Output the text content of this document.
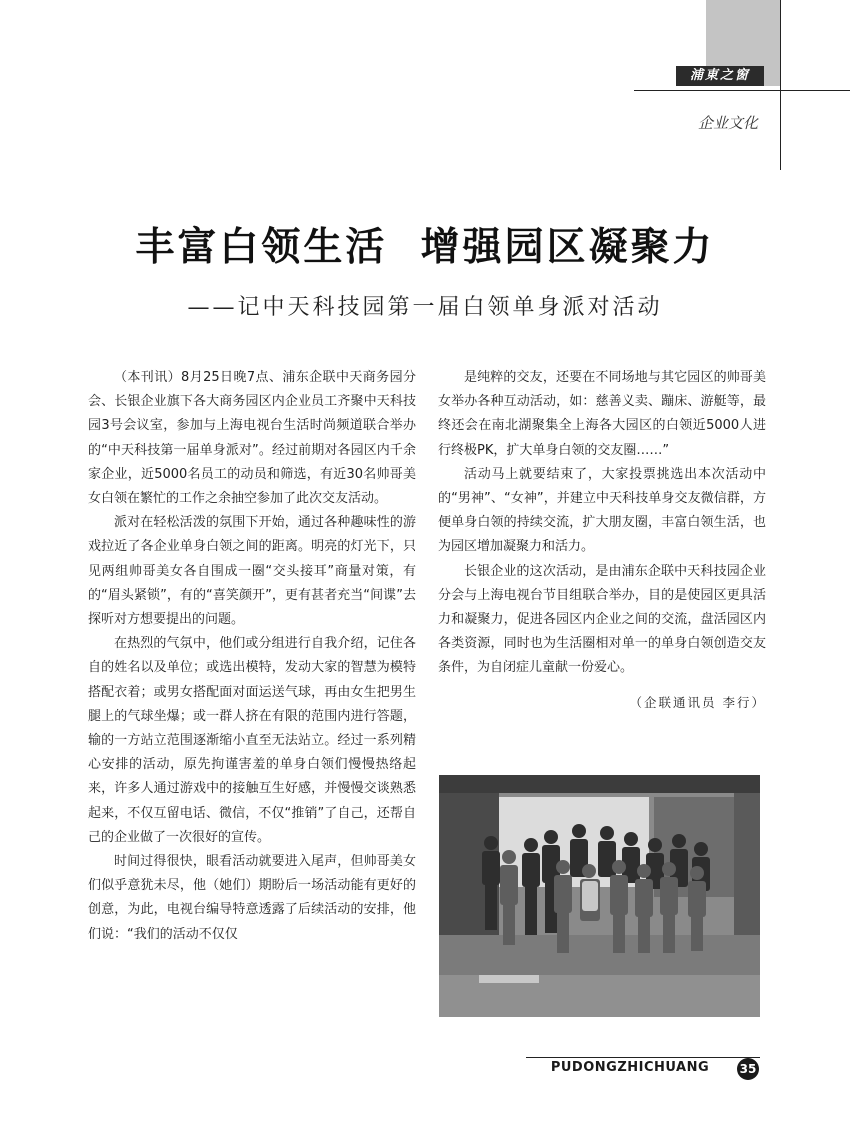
浦東之窗
企业文化
丰富白领生活  增强园区凝聚力
——记中天科技园第一届白领单身派对活动

（本刊讯）8月25日晚7点、浦东企联中天商务园分会、长银企业旗下各大商务园区内企业员工齐聚中天科技园3号会议室，参加与上海电视台生活时尚频道联合举办的“中天科技第一届单身派对”。经过前期对各园区内千余家企业，近5000名员工的动员和筛选，有近30名帅哥美女白领在繁忙的工作之余抽空参加了此次交友活动。

派对在轻松活泼的氛围下开始，通过各种趣味性的游戏拉近了各企业单身白领之间的距离。明亮的灯光下，只见两组帅哥美女各自围成一圈“交头接耳”商量对策，有的“眉头紧锁”，有的“喜笑颜开”，更有甚者充当“间谍”去探听对方想要提出的问题。

在热烈的气氛中，他们或分组进行自我介绍，记住各自的姓名以及单位；或选出模特，发动大家的智慧为模特搭配衣着；或男女搭配面对面运送气球，再由女生把男生腿上的气球坐爆；或一群人挤在有限的范围内进行答题，输的一方站立范围逐渐缩小直至无法站立。经过一系列精心安排的活动，原先拘谨害羞的单身白领们慢慢热络起来，许多人通过游戏中的接触互生好感，并慢慢交谈熟悉起来，不仅互留电话、微信，不仅“推销”了自己，还帮自己的企业做了一次很好的宣传。

时间过得很快，眼看活动就要进入尾声，但帅哥美女们似乎意犹未尽，他（她们）期盼后一场活动能有更好的创意，为此，电视台编导特意透露了后续活动的安排，他们说：“我们的活动不仅仅

是纯粹的交友，还要在不同场地与其它园区的帅哥美女举办各种互动活动，如：慈善义卖、蹦床、游艇等，最终还会在南北湖聚集全上海各大园区的白领近5000人进行终极PK，扩大单身白领的交友圈……”

活动马上就要结束了，大家投票挑选出本次活动中的“男神”、“女神”，并建立中天科技单身交友微信群，方便单身白领的持续交流，扩大朋友圈，丰富白领生活，也为园区增加凝聚力和活力。

长银企业的这次活动，是由浦东企联中天科技园企业分会与上海电视台节目组联合举办，目的是使园区更具活力和凝聚力，促进各园区内企业之间的交流，盘活园区内各类资源，同时也为生活圈相对单一的单身白领创造交友条件，为自闭症儿童献一份爱心。

（企联通讯员 李行）
PUDONGZHICHUANG	35
